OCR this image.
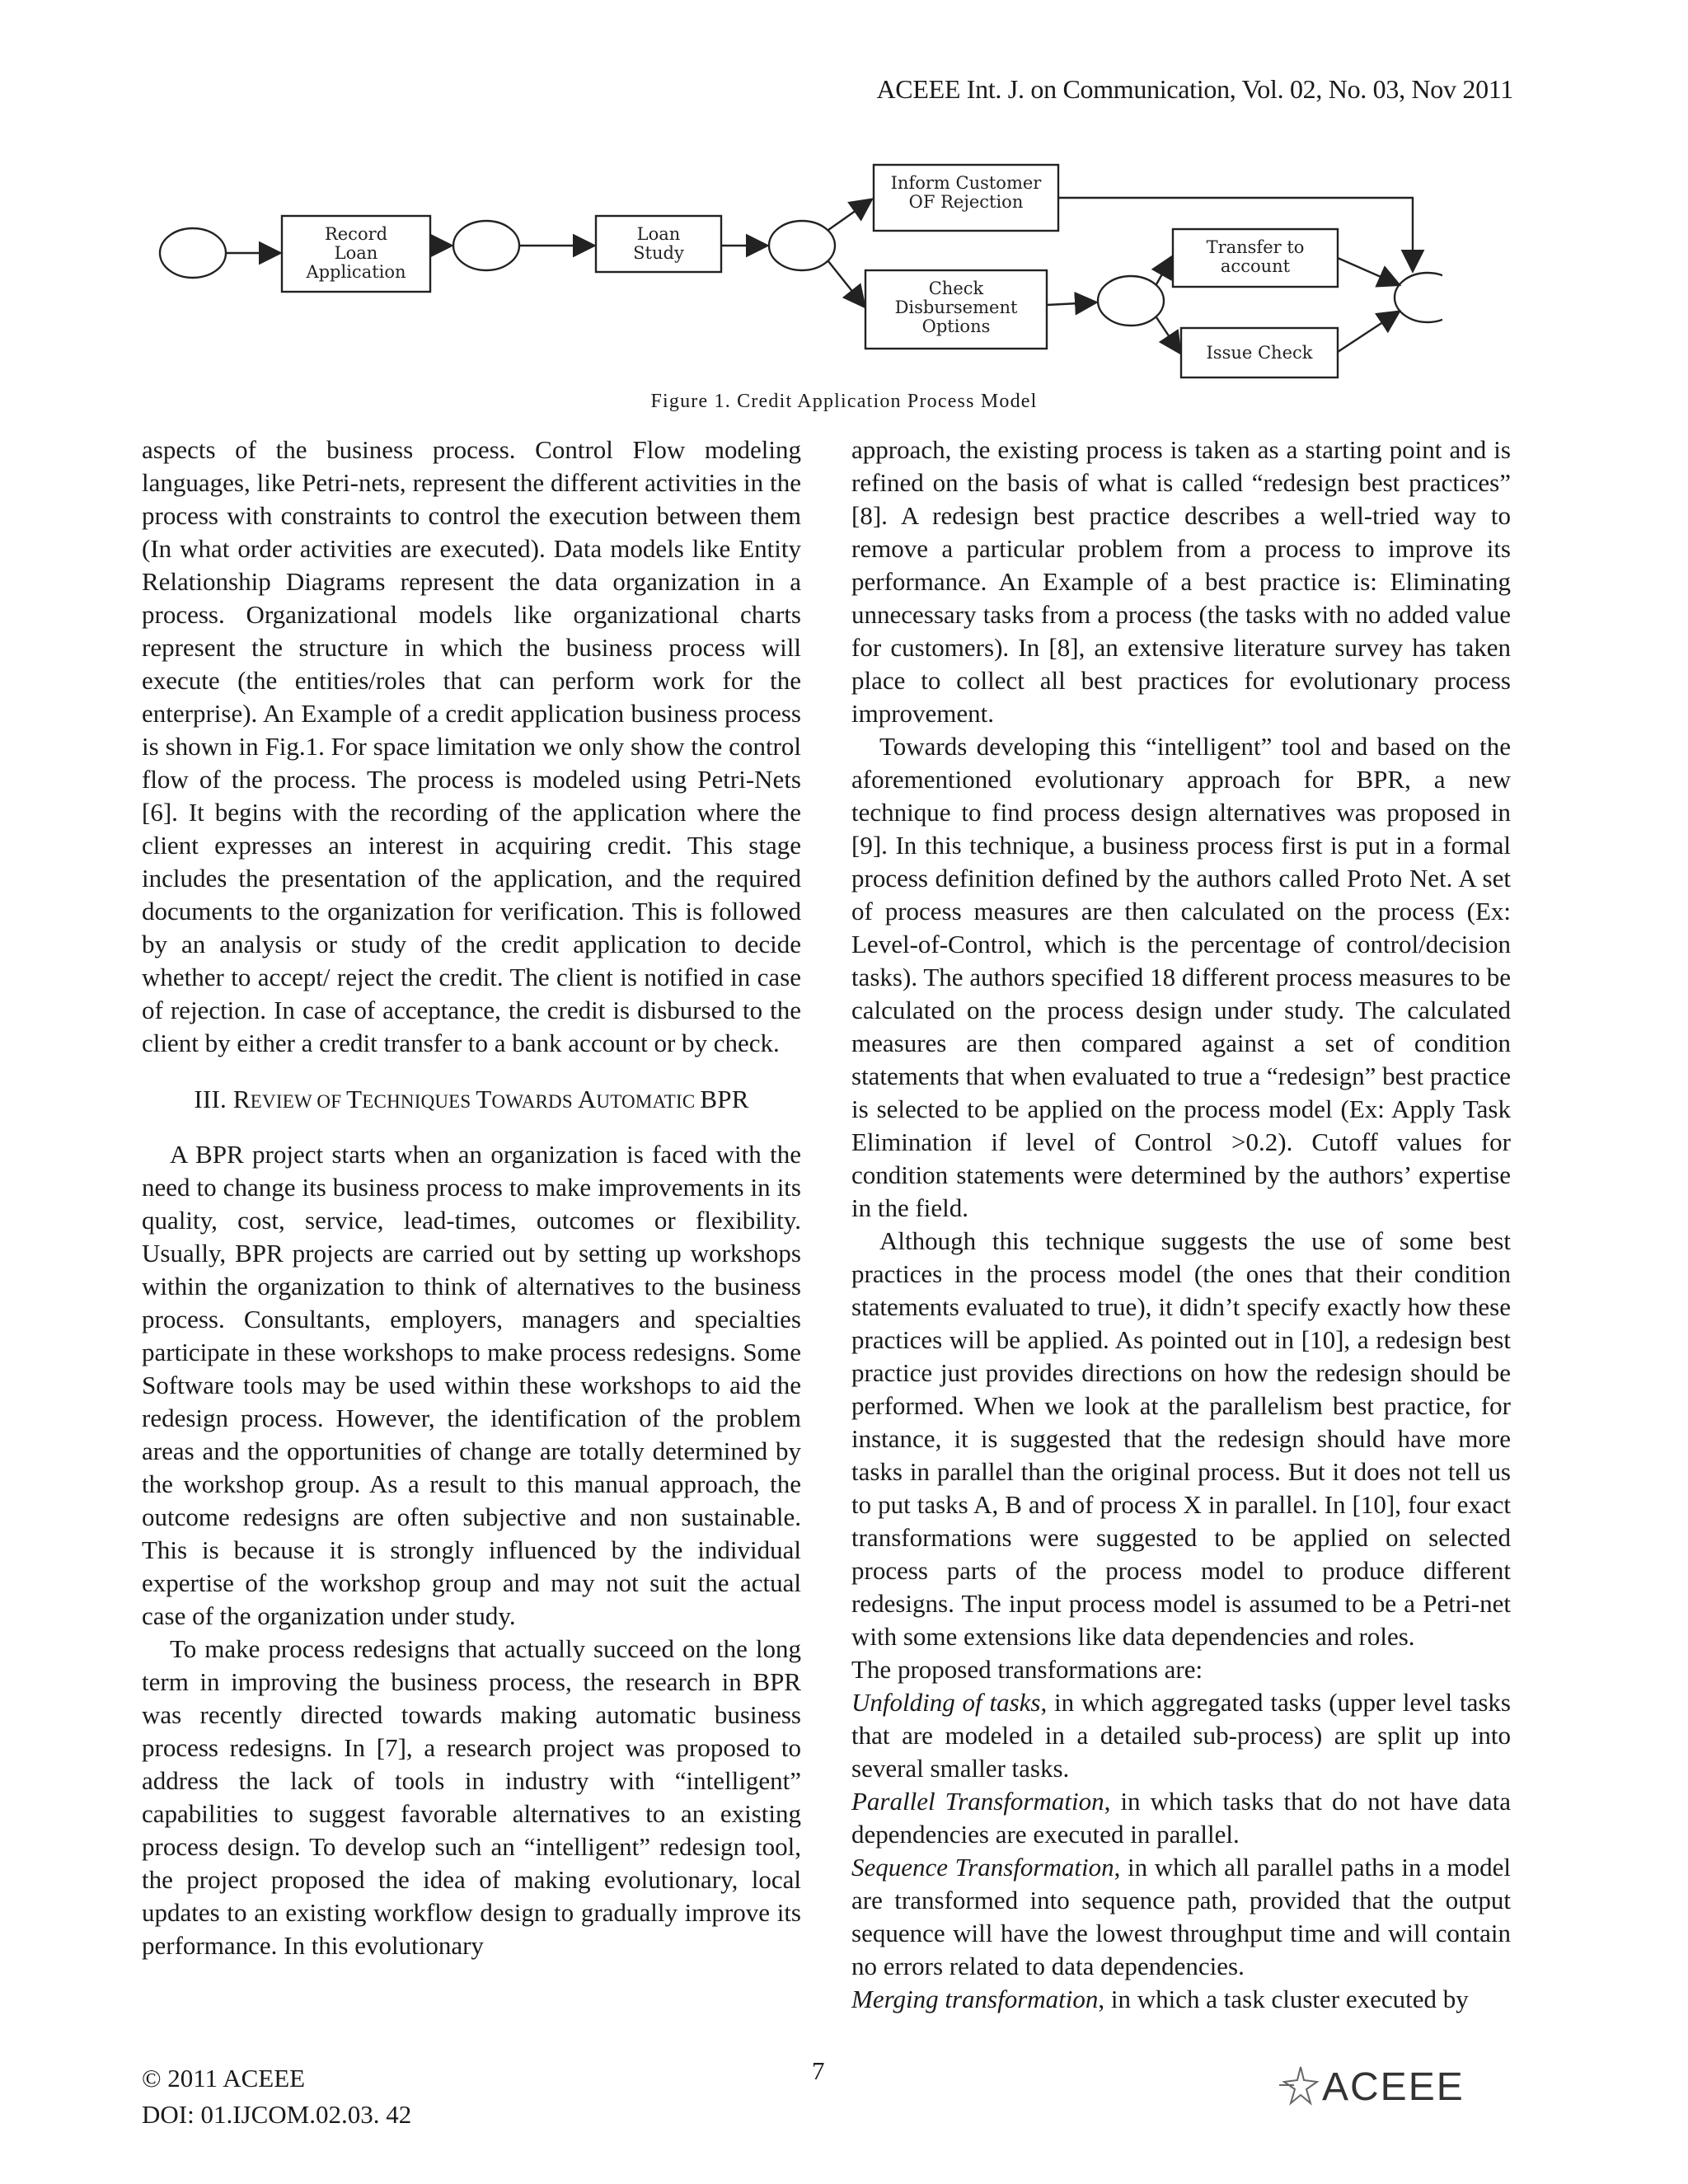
ACEEE Int. J. on Communication, Vol. 02, No. 03, Nov 2011
Record
Loan
Application
Loan
Study
Inform Customer
OF Rejection
Check
Disbursement
Options
Transfer to
account
Issue Check
Figure 1. Credit Application Process Model

aspects of the business process. Control Flow modeling languages, like Petri-nets, represent the different activities in the process with constraints to control the execution between them (In what order activities are executed). Data models like Entity Relationship Diagrams represent the data organization in a process. Organizational models like organizational charts represent the structure in which the business process will execute (the entities/roles that can perform work for the enterprise). An Example of a credit application business process is shown in Fig.1. For space limitation we only show the control flow of the process. The process is modeled using Petri-Nets [6]. It begins with the recording of the application where the client expresses an interest in acquiring credit. This stage includes the presentation of the application, and the required documents to the organization for verification. This is followed by an analysis or study of the credit application to decide whether to accept/ reject the credit. The client is notified in case of rejection. In case of acceptance, the credit is disbursed to the client by either a credit transfer to a bank account or by check.

III. REVIEW OF TECHNIQUES TOWARDS AUTOMATIC BPR

A BPR project starts when an organization is faced with the need to change its business process to make improvements in its quality, cost, service, lead-times, outcomes or flexibility. Usually, BPR projects are carried out by setting up workshops within the organization to think of alternatives to the business process. Consultants, employers, managers and specialties participate in these workshops to make process redesigns. Some Software tools may be used within these workshops to aid the redesign process. However, the identification of the problem areas and the opportunities of change are totally determined by the workshop group. As a result to this manual approach, the outcome redesigns are often subjective and non sustainable. This is because it is strongly influenced by the individual expertise of the workshop group and may not suit the actual case of the organization under study.

To make process redesigns that actually succeed on the long term in improving the business process, the research in BPR was recently directed towards making automatic business process redesigns. In [7], a research project was proposed to address the lack of tools in industry with “intelligent” capabilities to suggest favorable alternatives to an existing process design. To develop such an “intelligent” redesign tool, the project proposed the idea of making evolutionary, local updates to an existing workflow design to gradually improve its performance. In this evolutionary

approach, the existing process is taken as a starting point and is refined on the basis of what is called “redesign best practices” [8]. A redesign best practice describes a well-tried way to remove a particular problem from a process to improve its performance. An Example of a best practice is: Eliminating unnecessary tasks from a process (the tasks with no added value for customers). In [8], an extensive literature survey has taken place to collect all best practices for evolutionary process improvement.

Towards developing this “intelligent” tool and based on the aforementioned evolutionary approach for BPR, a new technique to find process design alternatives was proposed in [9]. In this technique, a business process first is put in a formal process definition defined by the authors called Proto Net. A set of process measures are then calculated on the process (Ex: Level-of-Control, which is the percentage of control/decision tasks). The authors specified 18 different process measures to be calculated on the process design under study. The calculated measures are then compared against a set of condition statements that when evaluated to true a “redesign” best practice is selected to be applied on the process model (Ex: Apply Task Elimination if level of Control >0.2). Cutoff values for condition statements were determined by the authors’ expertise in the field.

Although this technique suggests the use of some best practices in the process model (the ones that their condition statements evaluated to true), it didn’t specify exactly how these practices will be applied. As pointed out in [10], a redesign best practice just provides directions on how the redesign should be performed. When we look at the parallelism best practice, for instance, it is suggested that the redesign should have more tasks in parallel than the original process. But it does not tell us to put tasks A, B and of process X in parallel. In [10], four exact transformations were suggested to be applied on selected process parts of the process model to produce different redesigns. The input process model is assumed to be a Petri-net with some extensions like data dependencies and roles.

The proposed transformations are:

Unfolding of tasks, in which aggregated tasks (upper level tasks that are modeled in a detailed sub-process) are split up into several smaller tasks.

Parallel Transformation, in which tasks that do not have data dependencies are executed in parallel.

Sequence Transformation, in which all parallel paths in a model are transformed into sequence path, provided that the output sequence will have the lowest throughput time and will contain no errors related to data dependencies.

Merging transformation, in which a task cluster executed by

© 2011 ACEEE
DOI: 01.IJCOM.02.03. 42
7	ACEEE
